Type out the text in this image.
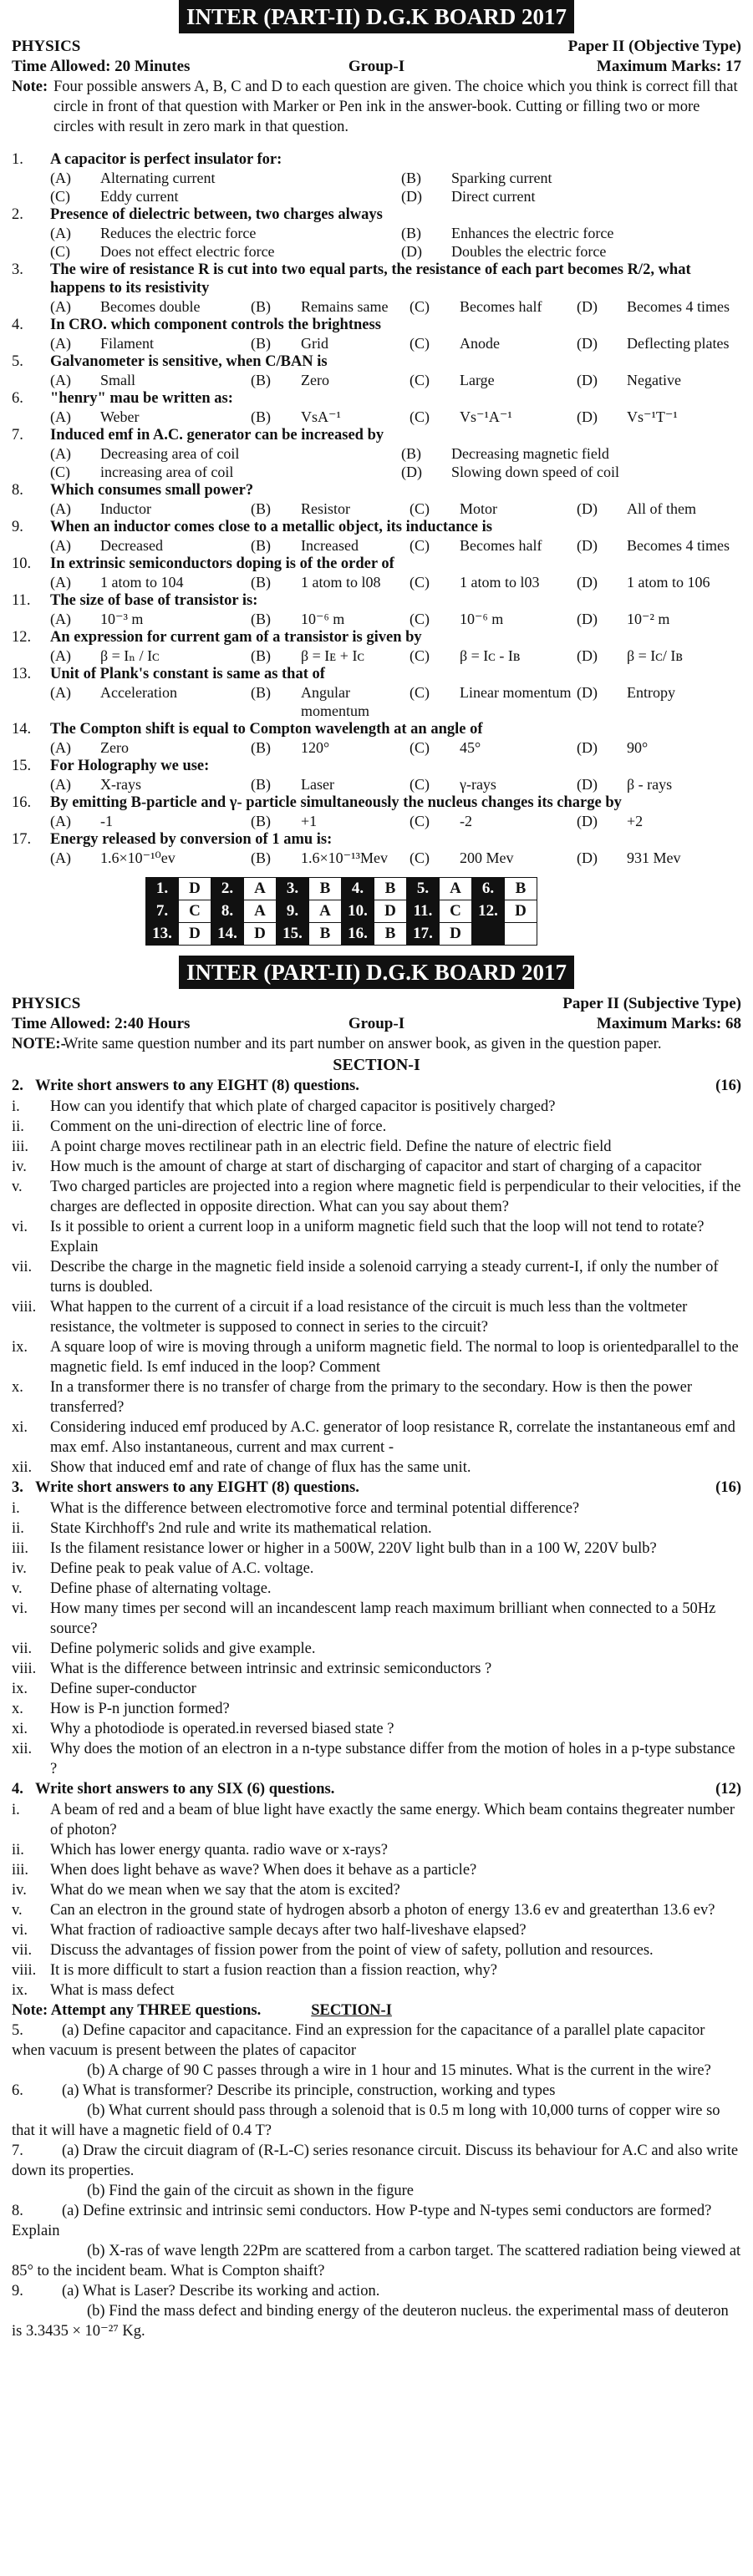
INTER (PART-II) D.G.K BOARD 2017
PHYSICS	Paper II (Objective Type)
Time Allowed: 20 Minutes	Group-I	Maximum Marks: 17
Note: Four possible answers A, B, C and D to each question are given. The choice which you think is correct fill that circle in front of that question with Marker or Pen ink in the answer-book. Cutting or filling two or more circles with result in zero mark in that question.
1.	A capacitor is perfect insulator for:
(A)	Alternating current	(B)	Sparking current
(C)	Eddy current	(D)	Direct current
2.	Presence of dielectric between, two charges always
(A)	Reduces the electric force	(B)	Enhances the electric force
(C)	Does not effect electric force	(D)	Doubles the electric force
3.	The wire of resistance R is cut into two equal parts, the resistance of each part becomes R/2, what happens to its resistivity
(A)	Becomes double	(B)	Remains same	(C)	Becomes half	(D)	Becomes 4 times
4.	In CRO. which component controls the brightness
(A)	Filament	(B)	Grid	(C)	Anode	(D)	Deflecting plates
5.	Galvanometer is sensitive, when C/BAN is
(A)	Small	(B)	Zero	(C)	Large	(D)	Negative
6.	"henry" mau be written as:
(A)	Weber	(B)	VsA⁻¹	(C)	Vs⁻¹A⁻¹	(D)	Vs⁻¹T⁻¹
7.	Induced emf in A.C. generator can be increased by
(A)	Decreasing area of coil	(B)	Decreasing magnetic field
(C)	increasing area of coil	(D)	Slowing down speed of coil
8.	Which consumes small power?
(A)	Inductor	(B)	Resistor	(C)	Motor	(D)	All of them
9.	When an inductor comes close to a metallic object, its inductance is
(A)	Decreased	(B)	Increased	(C)	Becomes half	(D)	Becomes 4 times
10.	In extrinsic semiconductors doping is of the order of
(A)	1 atom to 104	(B)	1 atom to l08	(C)	1 atom to l03	(D)	1 atom to 106
11.	The size of base of transistor is:
(A)	10⁻³ m	(B)	10⁻⁶ m	(C)	10⁻⁶ m	(D)	10⁻² m
12.	An expression for current gam of a transistor is given by
(A)	β = Iₙ / Iᴄ	(B)	β = Iᴇ + Iᴄ	(C)	β = Iᴄ - Iʙ	(D)	β = Iᴄ/ Iʙ
13.	Unit of Plank's constant is same as that of
(A)	Acceleration	(B)	Angular momentum
(C)	Linear momentum (D)	Entropy
14.	The Compton shift is equal to Compton wavelength at an angle of
(A)	Zero	(B)	120°	(C)	45°	(D)	90°
15.	For Holography we use:
(A)	X-rays	(B)	Laser	(C)	γ-rays	(D)	β - rays
16.	By emitting B-particle and γ- particle simultaneously the nucleus changes its charge by
(A)	-1	(B)	+1	(C)	-2	(D)	+2
17.	Energy released by conversion of 1 amu is:
(A)	1.6×10⁻¹⁰ev	(B)	1.6×10⁻¹³Mev	(C)	200 Mev	(D)	931 Mev
1.	D	2.	A	3.	B	4.	B	5.	A	6.	B
7.	C	8.	A	9.	A	10.	D	11.	C	12.	D
13.	D	14.	D	15.	B	16.	B	17.	D		
INTER (PART-II) D.G.K BOARD 2017
PHYSICS	Paper II (Subjective Type)
Time Allowed: 2:40 Hours	Group-I	Maximum Marks: 68
NOTE:-
Write same question number and its part number on answer book, as given in the question paper.
SECTION-I
2. Write short answers to any EIGHT (8) questions.	(16)
i.	How can you identify that which plate of charged capacitor is positively charged?
ii.	Comment on the uni-direction of electric line of force.
iii.	A point charge moves rectilinear path in an electric field. Define the nature of electric field
iv.	How much is the amount of charge at start of discharging of capacitor and start of charging of a capacitor
v.	Two charged particles are projected into a region where magnetic field is perpendicular to their velocities, if the charges are deflected in opposite direction. What can you say about them?
vi.	Is it possible to orient a current loop in a uniform magnetic field such that the loop will not tend to rotate? Explain
vii.	Describe the charge in the magnetic field inside a solenoid carrying a steady current-I, if only the number of turns is doubled.
viii. What happen to the current of a circuit if a load resistance of the circuit is much less than the voltmeter resistance, the voltmeter is supposed to connect in series to the circuit?
ix.	A square loop of wire is moving through a uniform magnetic field. The normal to loop is orientedparallel to the magnetic field. Is emf induced in the loop? Comment
x.	In a transformer there is no transfer of charge from the primary to the secondary. How is then the power transferred?
xi.	Considering induced emf produced by A.C. generator of loop resistance R, correlate the instantaneous emf and max emf. Also instantaneous, current and max current -
xii.	Show that induced emf and rate of change of flux has the same unit.
3. Write short answers to any EIGHT (8) questions.	(16)
i.	What is the difference between electromotive force and terminal potential difference?
ii.	State Kirchhoff's 2nd rule and write its mathematical relation.
iii.	Is the filament resistance lower or higher in a 500W, 220V light bulb than in a 100 W, 220V bulb?
iv.	Define peak to peak value of A.C. voltage.
v.	Define phase of alternating voltage.
vi.	How many times per second will an incandescent lamp reach maximum brilliant when connected to a 50Hz source?
vii.	Define polymeric solids and give example.
viii. What is the difference between intrinsic and extrinsic semiconductors ?
ix.	Define super-conductor
x.	How is P-n junction formed?
xi.	Why a photodiode is operated.in reversed biased state ?
xii.	Why does the motion of an electron in a n-type substance differ from the motion of holes in a p-type substance ?
4. Write short answers to any SIX (6) questions.	(12)
i.	A beam of red and a beam of blue light have exactly the same energy. Which beam contains thegreater number of photon?
ii.	Which has lower energy quanta. radio wave or x-rays?
iii.	When does light behave as wave? When does it behave as a particle?
iv.	What do we mean when we say that the atom is excited?
v.	Can an electron in the ground state of hydrogen absorb a photon of energy 13.6 ev and greaterthan 13.6 ev?
vi.	What fraction of radioactive sample decays after two half-liveshave elapsed?
vii.	Discuss the advantages of fission power from the point of view of safety, pollution and resources.
viii. It is more difficult to start a fusion reaction than a fission reaction, why?
ix.	What is mass defect
Note: Attempt any THREE questions.	SECTION-I
5. (a) Define capacitor and capacitance. Find an expression for the capacitance of a parallel plate capacitor when vacuum is present between the plates of capacitor
(b) A charge of 90 C passes through a wire in 1 hour and 15 minutes. What is the current in the wire?
6. (a) What is transformer? Describe its principle, construction, working and types
(b) What current should pass through a solenoid that is 0.5 m long with 10,000 turns of copper wire so that it will have a magnetic field of 0.4 T?
7. (a) Draw the circuit diagram of (R-L-C) series resonance circuit. Discuss its behaviour for A.C and also write down its properties.
(b) Find the gain of the circuit as shown in the figure
8. (a) Define extrinsic and intrinsic semi conductors. How P-type and N-types semi conductors are formed? Explain
(b) X-ras of wave length 22Pm are scattered from a carbon target. The scattered radiation being viewed at 85° to the incident beam. What is Compton shaift?
9. (a) What is Laser? Describe its working and action.
(b) Find the mass defect and binding energy of the deuteron nucleus. the experimental mass of deuteron is 3.3435 × 10⁻²⁷ Kg.
